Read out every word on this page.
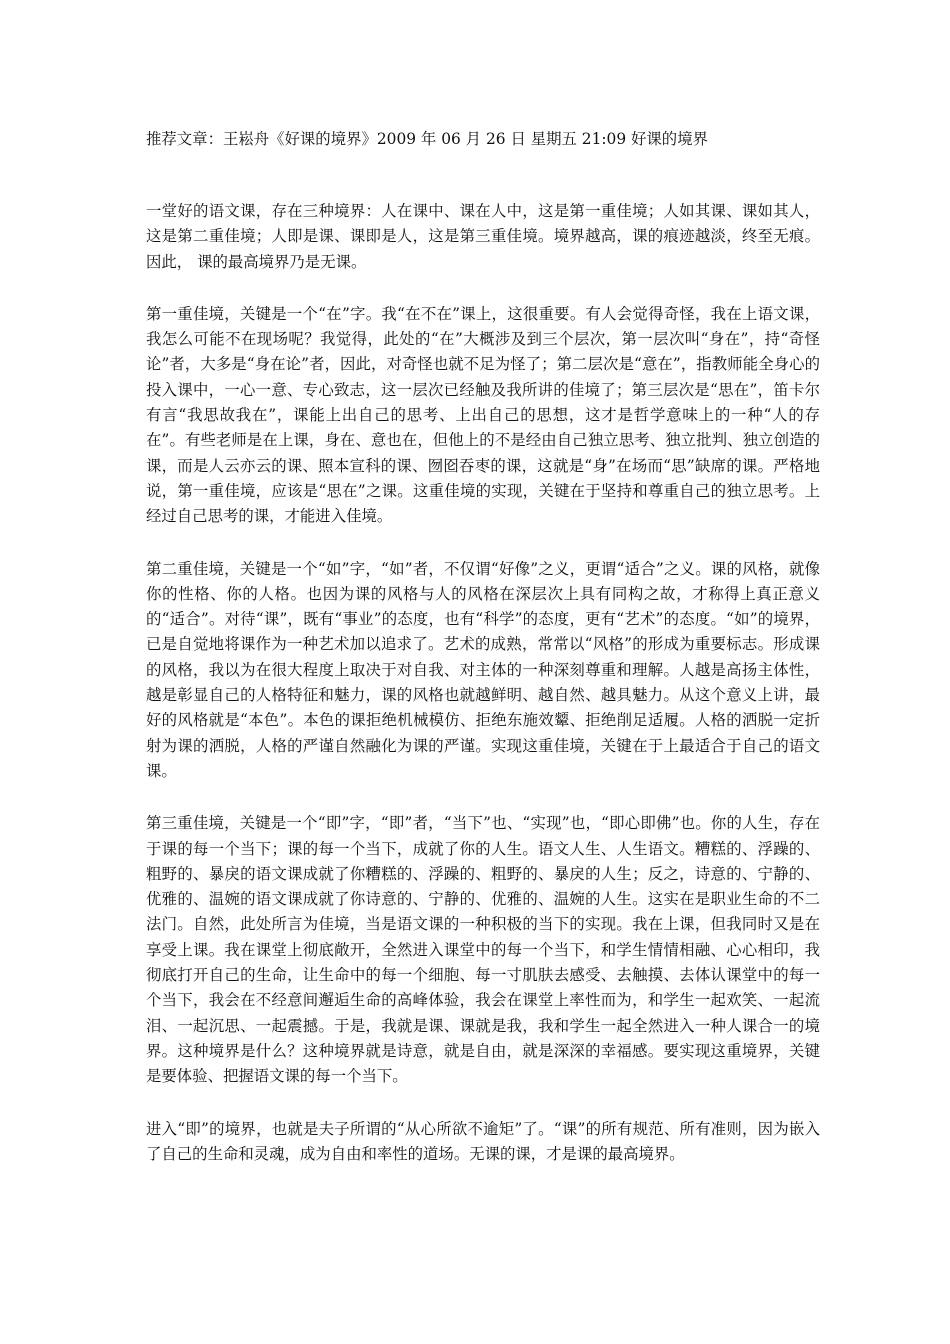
推荐文章：王崧舟《好课的境界》2009 年 06 月 26 日 星期五 21:09 好课的境界

一堂好的语文课，存在三种境界：人在课中、课在人中，这是第一重佳境；人如其课、课如其人，这是第二重佳境；人即是课、课即是人，这是第三重佳境。境界越高，课的痕迹越淡，终至无痕。因此， 课的最高境界乃是无课。

第一重佳境，关键是一个“在”字。我“在不在”课上，这很重要。有人会觉得奇怪，我在上语文课，我怎么可能不在现场呢？我觉得，此处的“在”大概涉及到三个层次，第一层次叫“身在”，持“奇怪论”者，大多是“身在论”者，因此，对奇怪也就不足为怪了；第二层次是“意在”，指教师能全身心的投入课中，一心一意、专心致志，这一层次已经触及我所讲的佳境了；第三层次是“思在”，笛卡尔有言“我思故我在”，课能上出自己的思考、上出自己的思想，这才是哲学意味上的一种“人的存在”。有些老师是在上课，身在、意也在，但他上的不是经由自己独立思考、独立批判、独立创造的课，而是人云亦云的课、照本宣科的课、囫囵吞枣的课，这就是“身”在场而“思”缺席的课。严格地说，第一重佳境，应该是“思在”之课。这重佳境的实现，关键在于坚持和尊重自己的独立思考。上经过自己思考的课，才能进入佳境。

第二重佳境，关键是一个“如”字，“如”者，不仅谓“好像”之义，更谓“适合”之义。课的风格，就像你的性格、你的人格。也因为课的风格与人的风格在深层次上具有同构之故，才称得上真正意义的“适合”。对待“课”，既有“事业”的态度，也有“科学”的态度，更有“艺术”的态度。“如”的境界，已是自觉地将课作为一种艺术加以追求了。艺术的成熟，常常以“风格”的形成为重要标志。形成课的风格，我以为在很大程度上取决于对自我、对主体的一种深刻尊重和理解。人越是高扬主体性，越是彰显自己的人格特征和魅力，课的风格也就越鲜明、越自然、越具魅力。从这个意义上讲，最好的风格就是“本色”。本色的课拒绝机械模仿、拒绝东施效颦、拒绝削足适履。人格的洒脱一定折射为课的洒脱，人格的严谨自然融化为课的严谨。实现这重佳境，关键在于上最适合于自己的语文课。

第三重佳境，关键是一个“即”字，“即”者，“当下”也、“实现”也，“即心即佛”也。你的人生，存在于课的每一个当下；课的每一个当下，成就了你的人生。语文人生、人生语文。糟糕的、浮躁的、粗野的、暴戾的语文课成就了你糟糕的、浮躁的、粗野的、暴戾的人生；反之，诗意的、宁静的、优雅的、温婉的语文课成就了你诗意的、宁静的、优雅的、温婉的人生。这实在是职业生命的不二法门。自然，此处所言为佳境，当是语文课的一种积极的当下的实现。我在上课，但我同时又是在享受上课。我在课堂上彻底敞开，全然进入课堂中的每一个当下，和学生情情相融、心心相印，我彻底打开自己的生命，让生命中的每一个细胞、每一寸肌肤去感受、去触摸、去体认课堂中的每一个当下，我会在不经意间邂逅生命的高峰体验，我会在课堂上率性而为，和学生一起欢笑、一起流泪、一起沉思、一起震撼。于是，我就是课、课就是我，我和学生一起全然进入一种人课合一的境界。这种境界是什么？这种境界就是诗意，就是自由，就是深深的幸福感。要实现这重境界，关键是要体验、把握语文课的每一个当下。

进入“即”的境界，也就是夫子所谓的“从心所欲不逾矩”了。“课”的所有规范、所有准则，因为嵌入了自己的生命和灵魂，成为自由和率性的道场。无课的课，才是课的最高境界。
